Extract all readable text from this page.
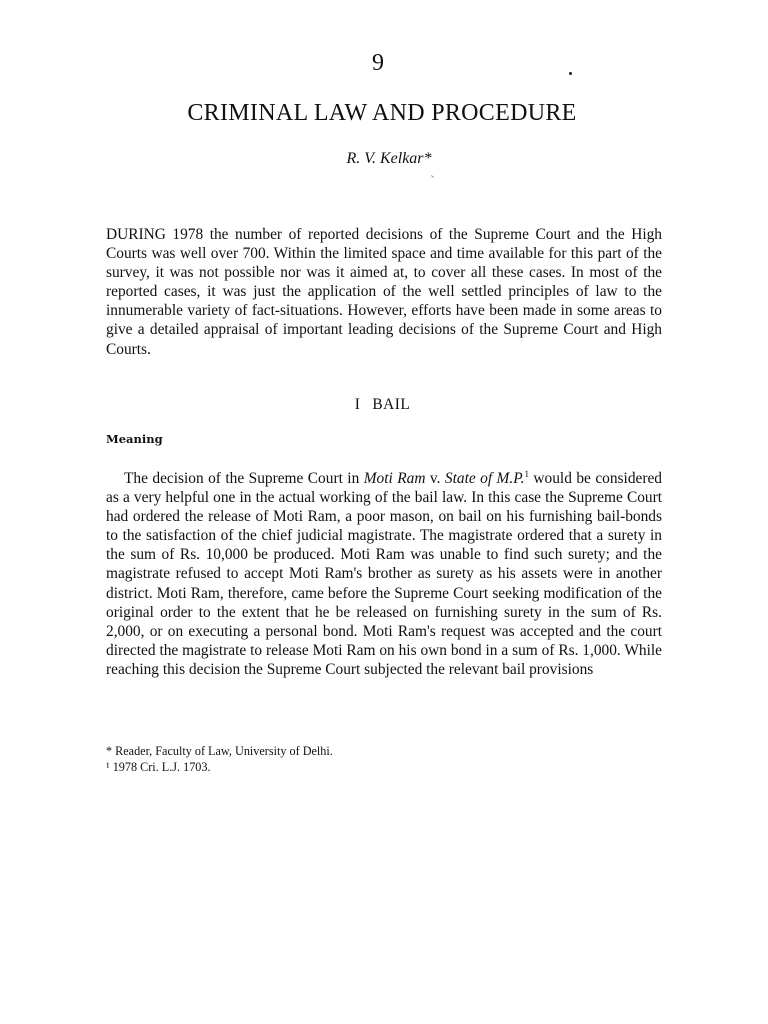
9
CRIMINAL LAW AND PROCEDURE
R. V. Kelkar*

DURING 1978 the number of reported decisions of the Supreme Court and the High Courts was well over 700. Within the limited space and time available for this part of the survey, it was not possible nor was it aimed at, to cover all these cases. In most of the reported cases, it was just the application of the well settled principles of law to the innumerable variety of fact-situations. However, efforts have been made in some areas to give a detailed appraisal of important leading decisions of the Supreme Court and High Courts.

I BAIL
Meaning

The decision of the Supreme Court in Moti Ram v. State of M.P.$^1$ would be considered as a very helpful one in the actual working of the bail law. In this case the Supreme Court had ordered the release of Moti Ram, a poor mason, on bail on his furnishing bail-bonds to the satisfaction of the chief judicial magistrate. The magistrate ordered that a surety in the sum of Rs. 10,000 be produced. Moti Ram was unable to find such surety; and the magistrate refused to accept Moti Ram's brother as surety as his assets were in another district. Moti Ram, therefore, came before the Supreme Court seeking modification of the original order to the extent that he be released on furnishing surety in the sum of Rs. 2,000, or on executing a personal bond. Moti Ram's request was accepted and the court directed the magistrate to release Moti Ram on his own bond in a sum of Rs. 1,000. While reaching this decision the Supreme Court subjected the relevant bail provisions

* Reader, Faculty of Law, University of Delhi.
¹ 1978 Cri. L.J. 1703.
